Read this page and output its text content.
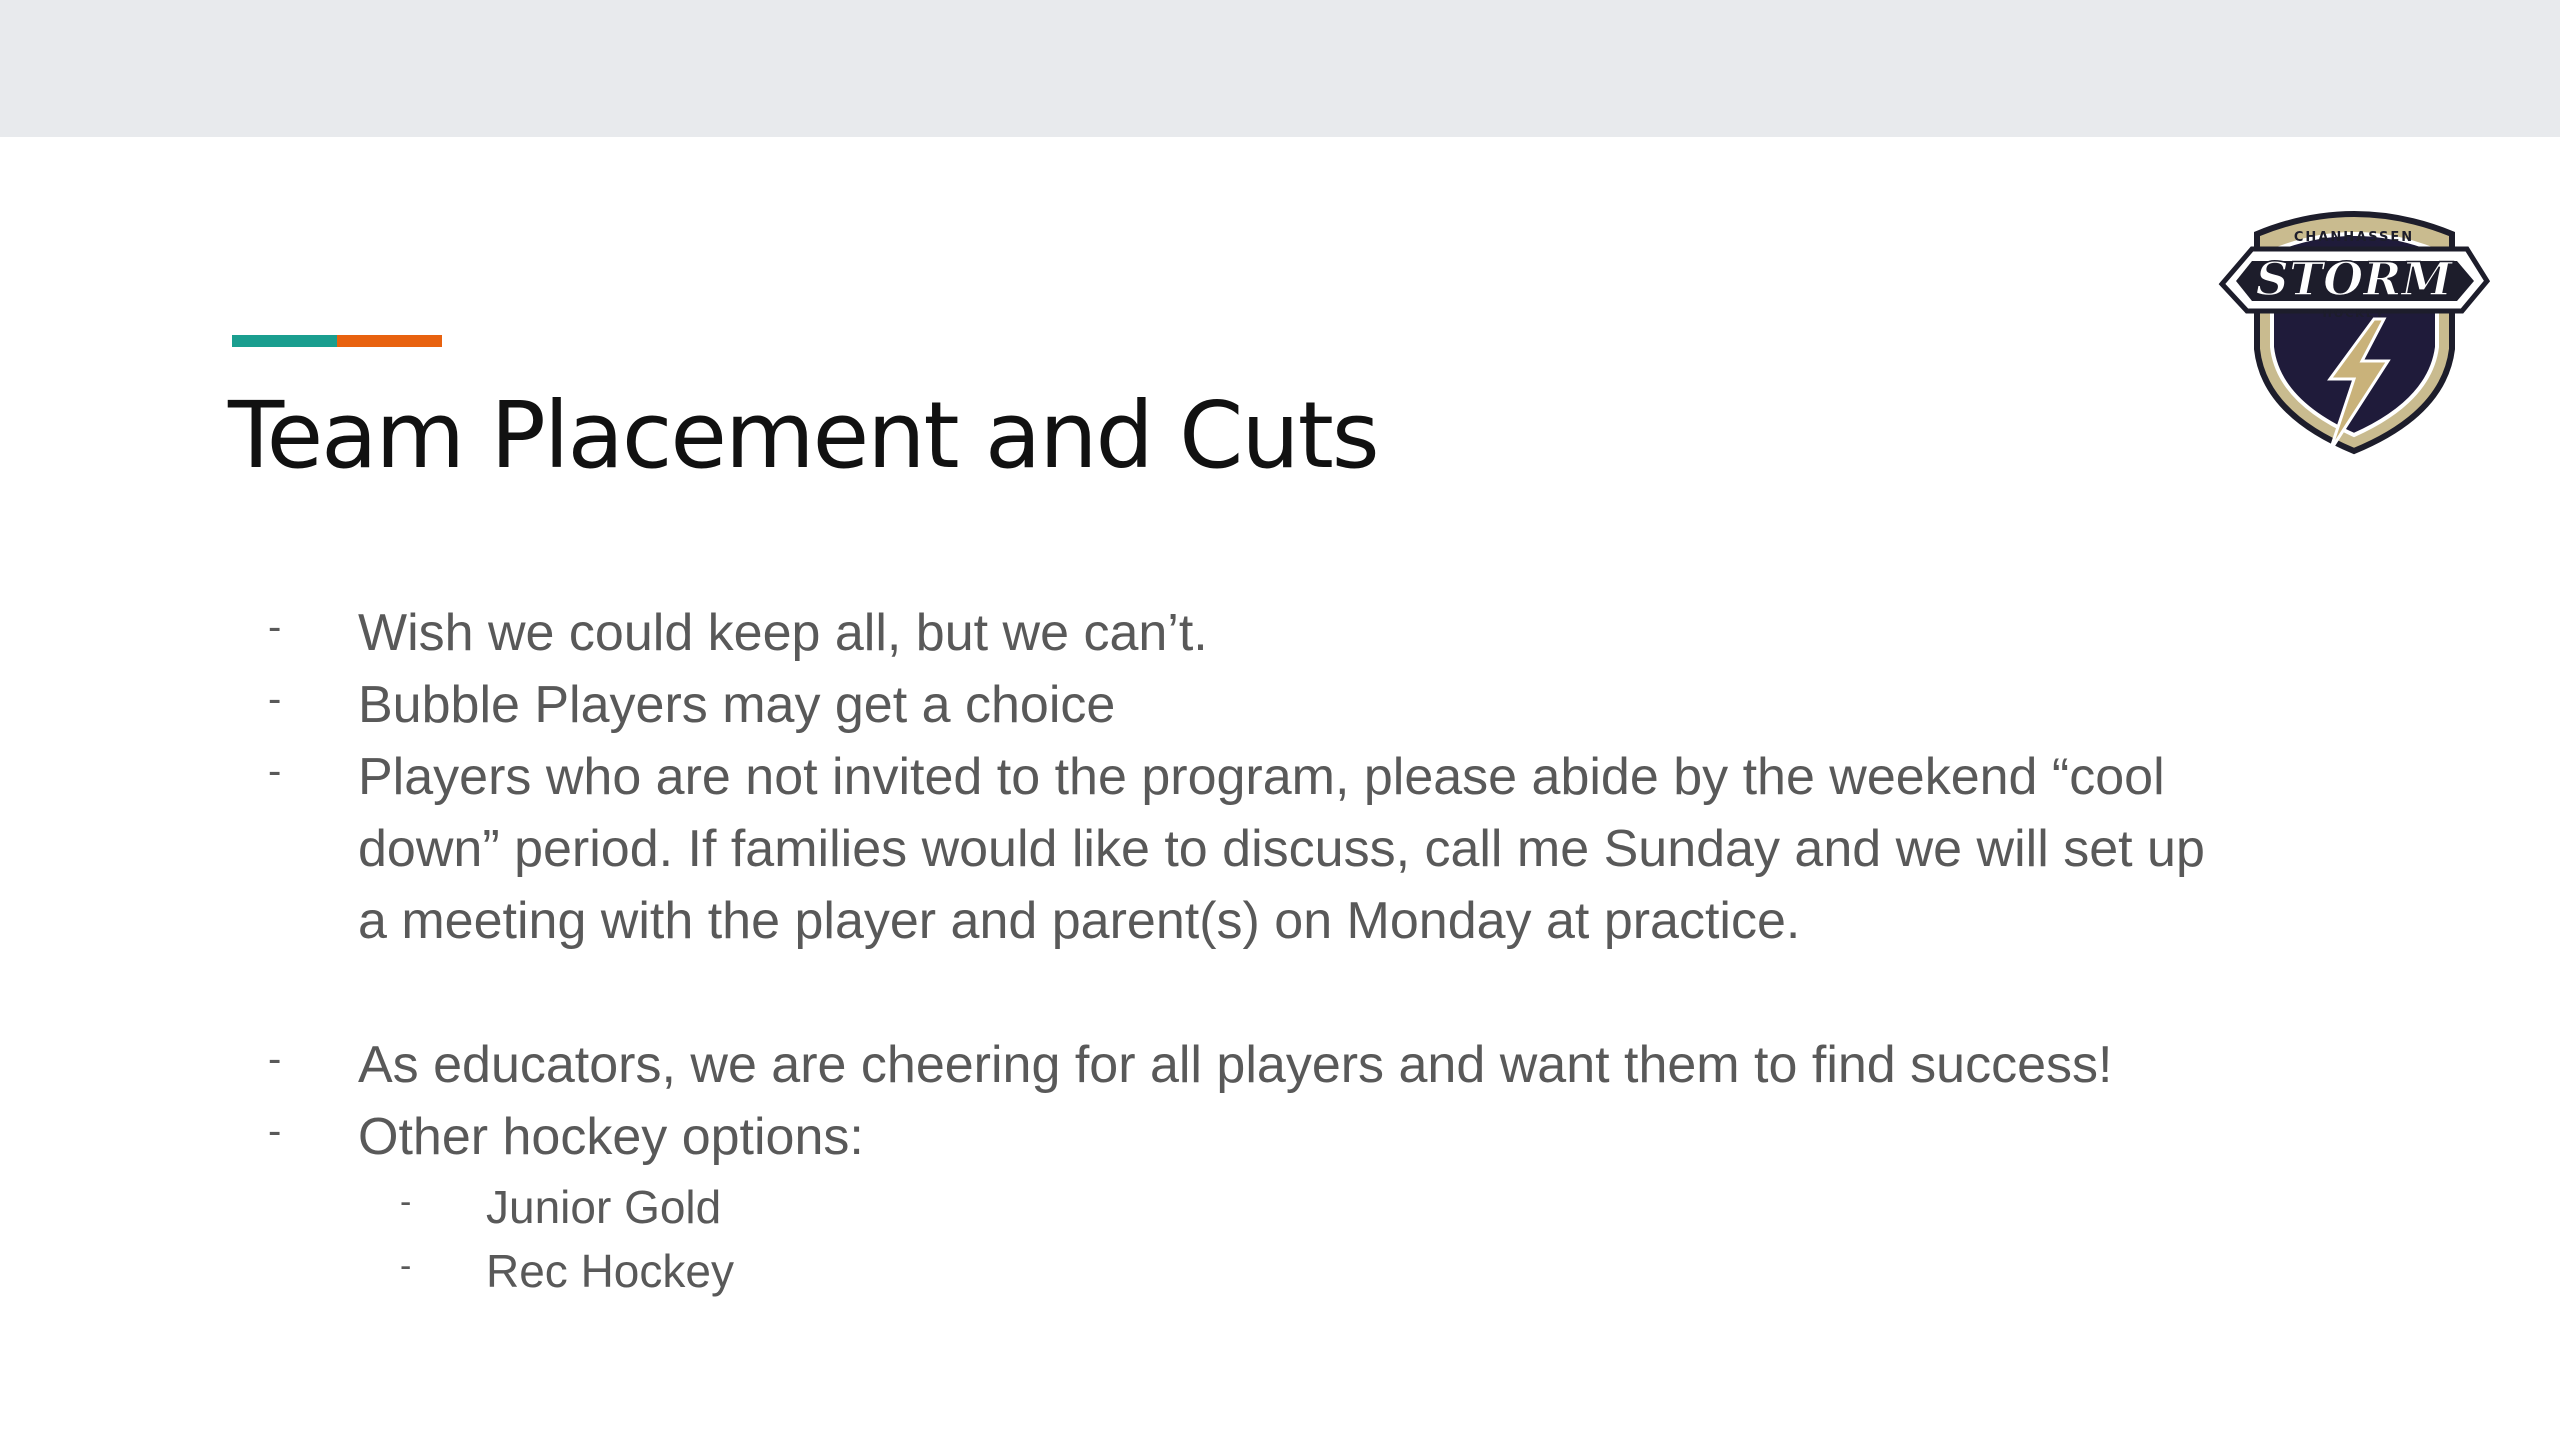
Team Placement and Cuts
CHANHASSEN
STORM
HOCKEY
- Wish we could keep all, but we can’t.
- Bubble Players may get a choice
- Players who are not invited to the program, please abide by the weekend “cool
down” period. If families would like to discuss, call me Sunday and we will set up
a meeting with the player and parent(s) on Monday at practice.
- As educators, we are cheering for all players and want them to find success!
- Other hockey options:
- Junior Gold
- Rec Hockey
